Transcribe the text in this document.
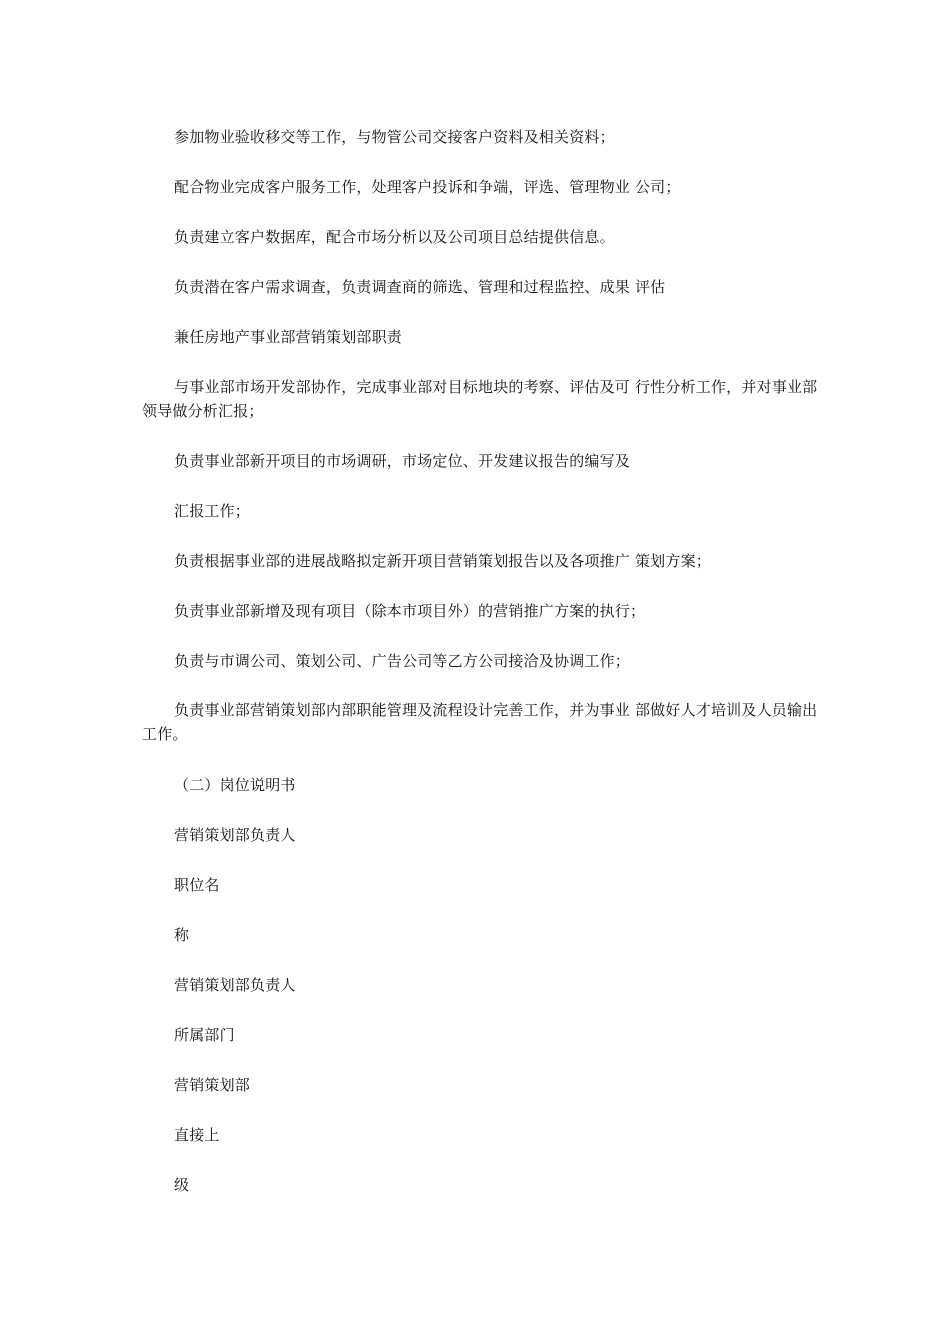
参加物业验收移交等工作，与物管公司交接客户资料及相关资料；
配合物业完成客户服务工作，处理客户投诉和争端，评选、管理物业 公司；
负责建立客户数据库，配合市场分析以及公司项目总结提供信息。
负责潜在客户需求调查，负责调查商的筛选、管理和过程监控、成果 评估
兼任房地产事业部营销策划部职责
与事业部市场开发部协作，完成事业部对目标地块的考察、评估及可 行性分析工作，并对事业部领导做分析汇报；
负责事业部新开项目的市场调研，市场定位、开发建议报告的编写及
汇报工作；
负责根据事业部的进展战略拟定新开项目营销策划报告以及各项推广 策划方案；
负责事业部新增及现有项目（除本市项目外）的营销推广方案的执行；
负责与市调公司、策划公司、广告公司等乙方公司接洽及协调工作；
负责事业部营销策划部内部职能管理及流程设计完善工作，并为事业 部做好人才培训及人员输出工作。
（二）岗位说明书
营销策划部负责人
职位名
称
营销策划部负责人
所属部门
营销策划部
直接上
级
